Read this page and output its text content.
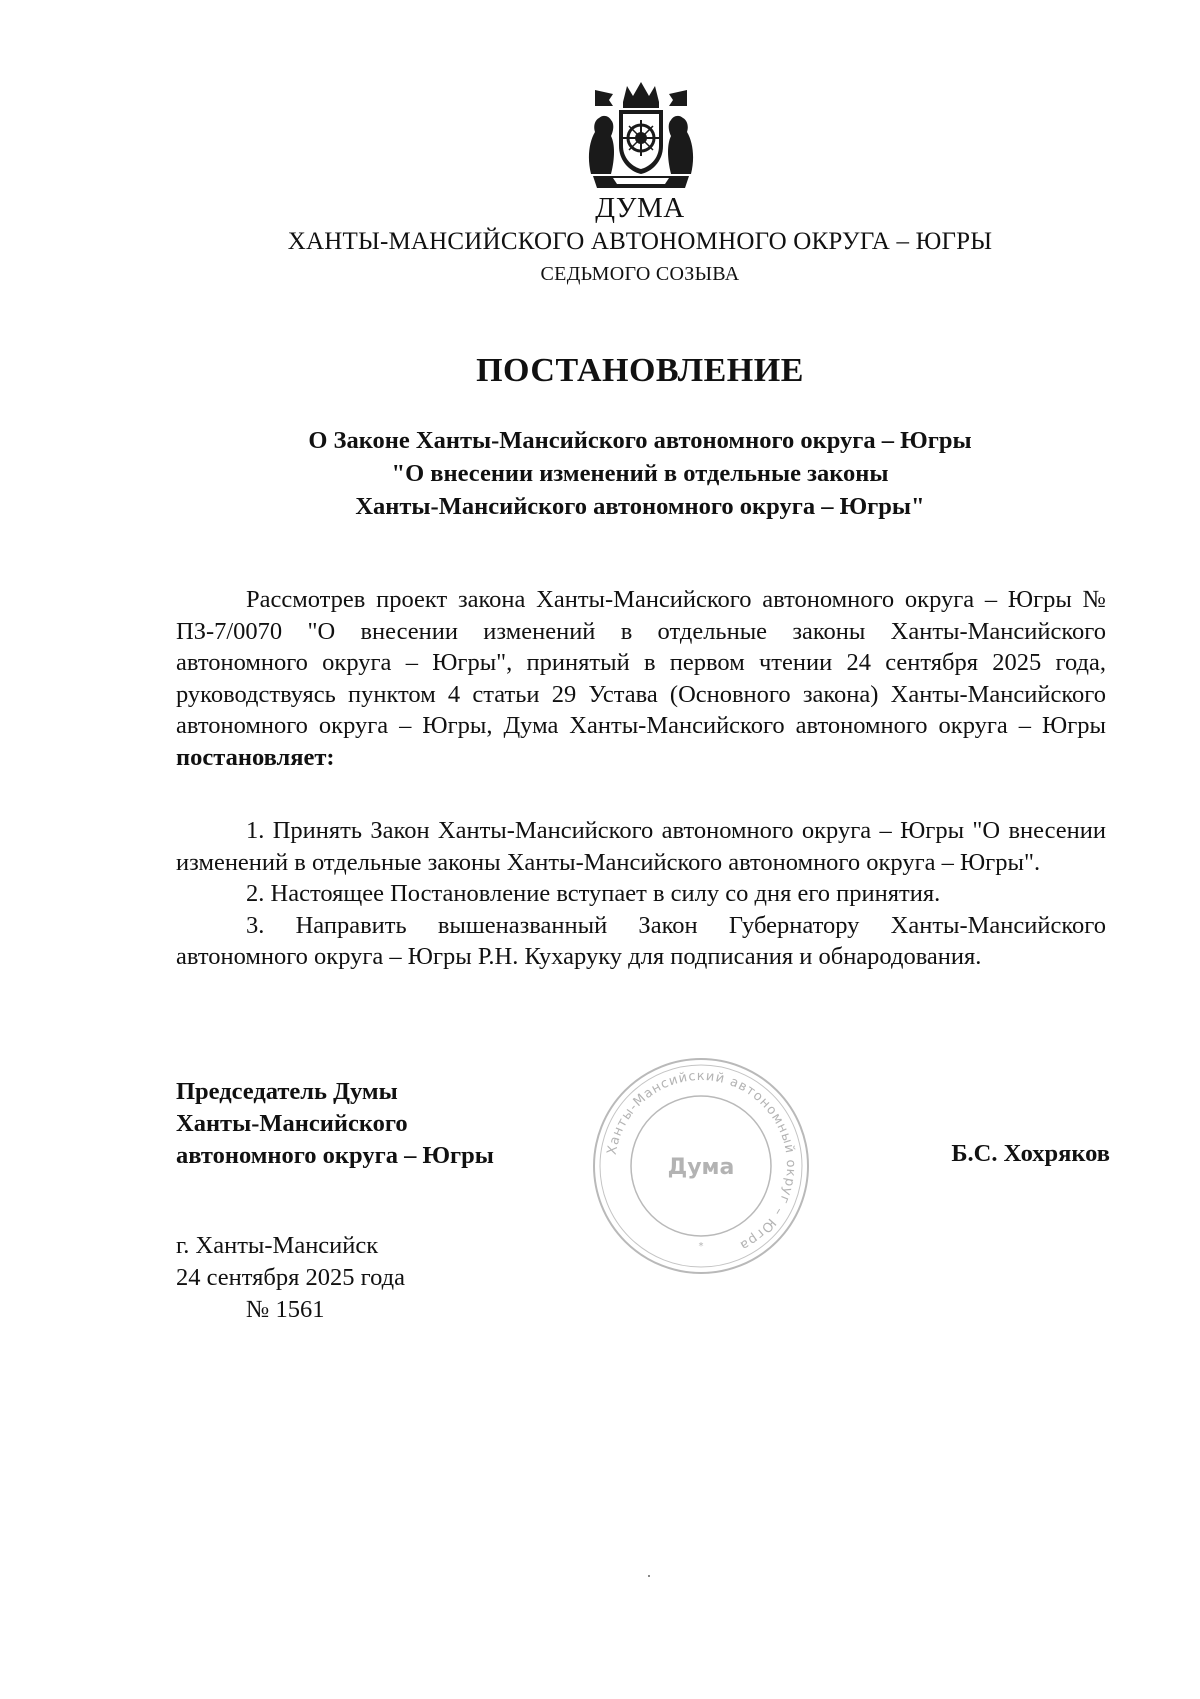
ДУМА
ХАНТЫ-МАНСИЙСКОГО АВТОНОМНОГО ОКРУГА – ЮГРЫ
СЕДЬМОГО СОЗЫВА
ПОСТАНОВЛЕНИЕ
О Законе Ханты-Мансийского автономного округа – Югры
"О внесении изменений в отдельные законы
Ханты-Мансийского автономного округа – Югры"

Рассмотрев проект закона Ханты-Мансийского автономного округа – Югры № ПЗ-7/0070 "О внесении изменений в отдельные законы Ханты-Мансийского автономного округа – Югры", принятый в первом чтении 24 сентября 2025 года, руководствуясь пунктом 4 статьи 29 Устава (Основного закона) Ханты-Мансийского автономного округа – Югры, Дума Ханты-Мансийского автономного округа – Югры постановляет:

1. Принять Закон Ханты-Мансийского автономного округа – Югры "О внесении изменений в отдельные законы Ханты-Мансийского автономного округа – Югры".

2. Настоящее Постановление вступает в силу со дня его принятия.

3. Направить вышеназванный Закон Губернатору Ханты-Мансийского автономного округа – Югры Р.Н. Кухаруку для подписания и обнародования.

Председатель Думы
Ханты-Мансийского
автономного округа – Югры	Ханты-Мансийский автономный округ – Югра
Дума
*
Б.С. Хохряков
г. Ханты-Мансийск
24 сентября 2025 года
№ 1561
